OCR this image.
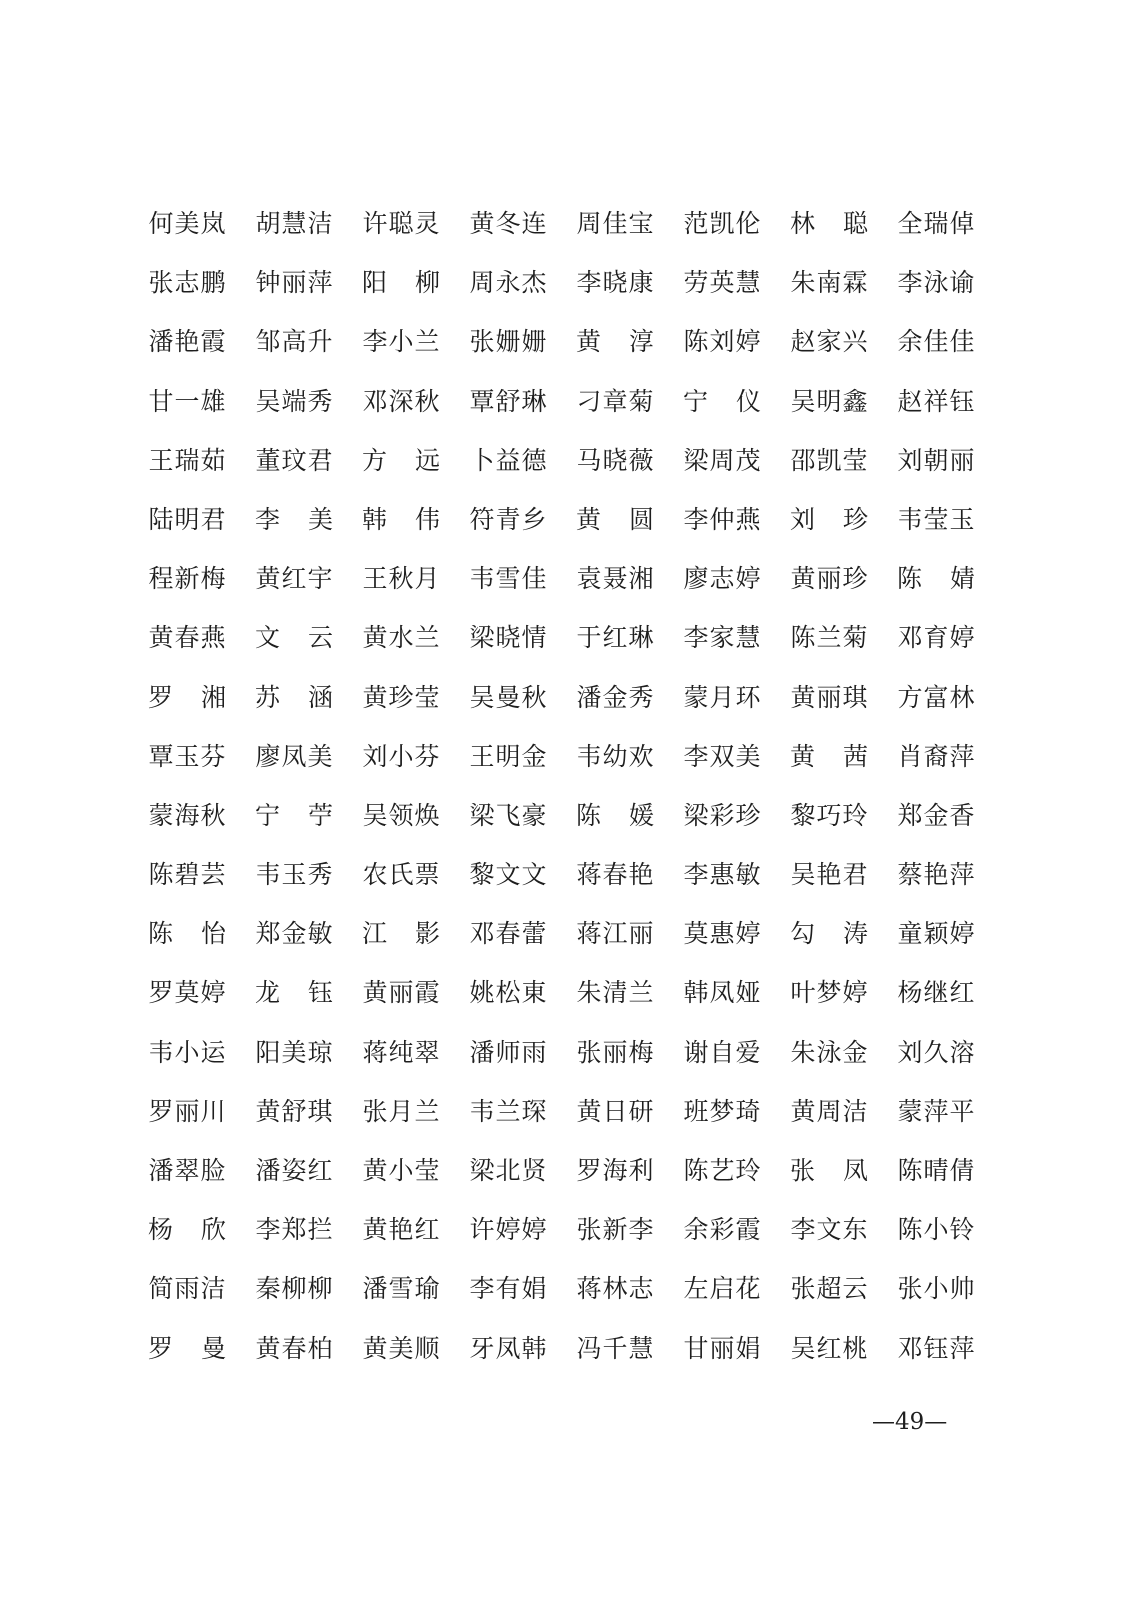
何 美 岚 胡 慧 洁 许 聪 灵 黄 冬 连 周 佳 宝 范 凯 伦 林 聪 全 瑞 倬
张 志 鹏 钟 丽 萍 阳 柳 周 永 杰 李 晓 康 劳 英 慧 朱 南 霖 李 泳 谕
潘 艳 霞 邹 高 升 李 小 兰 张 姗 姗 黄 淳 陈 刘 婷 赵 家 兴 余 佳 佳
甘 一 雄 吴 端 秀 邓 深 秋 覃 舒 琳 刁 章 菊 宁 仪 吴 明 鑫 赵 祥 钰
王 瑞 茹 董 玟 君 方 远 卜 益 德 马 晓 薇 梁 周 茂 邵 凯 莹 刘 朝 丽
陆 明 君 李 美 韩 伟 符 青 乡 黄 圆 李 仲 燕 刘 珍 韦 莹 玉
程 新 梅 黄 红 宇 王 秋 月 韦 雪 佳 袁 聂 湘 廖 志 婷 黄 丽 珍 陈 婧
黄 春 燕 文 云 黄 水 兰 梁 晓 情 于 红 琳 李 家 慧 陈 兰 菊 邓 育 婷
罗 湘 苏 涵 黄 珍 莹 吴 曼 秋 潘 金 秀 蒙 月 环 黄 丽 琪 方 富 林
覃 玉 芬 廖 凤 美 刘 小 芬 王 明 金 韦 幼 欢 李 双 美 黄 茜 肖 裔 萍
蒙 海 秋 宁 苧 吴 领 焕 梁 飞 豪 陈 媛 梁 彩 珍 黎 巧 玲 郑 金 香
陈 碧 芸 韦 玉 秀 农 氏 票 黎 文 文 蒋 春 艳 李 惠 敏 吴 艳 君 蔡 艳 萍
陈 怡 郑 金 敏 江 影 邓 春 蕾 蒋 江 丽 莫 惠 婷 勾 涛 童 颖 婷
罗 莫 婷 龙 钰 黄 丽 霞 姚 松 東 朱 清 兰 韩 凤 娅 叶 梦 婷 杨 继 红
韦 小 运 阳 美 琼 蒋 纯 翠 潘 师 雨 张 丽 梅 谢 自 爱 朱 泳 金 刘 久 溶
罗 丽 川 黄 舒 琪 张 月 兰 韦 兰 琛 黄 日 研 班 梦 琦 黄 周 洁 蒙 萍 平
潘 翠 脸 潘 姿 红 黄 小 莹 梁 北 贤 罗 海 利 陈 艺 玲 张 凤 陈 晴 倩
杨 欣 李 郑 拦 黄 艳 红 许 婷 婷 张 新 李 余 彩 霞 李 文 东 陈 小 铃
简 雨 洁 秦 柳 柳 潘 雪 瑜 李 有 娟 蒋 林 志 左 启 花 张 超 云 张 小 帅
罗 曼 黄 春 柏 黄 美 顺 牙 凤 韩 冯 千 慧 甘 丽 娟 吴 红 桃 邓 钰 萍
—49—
